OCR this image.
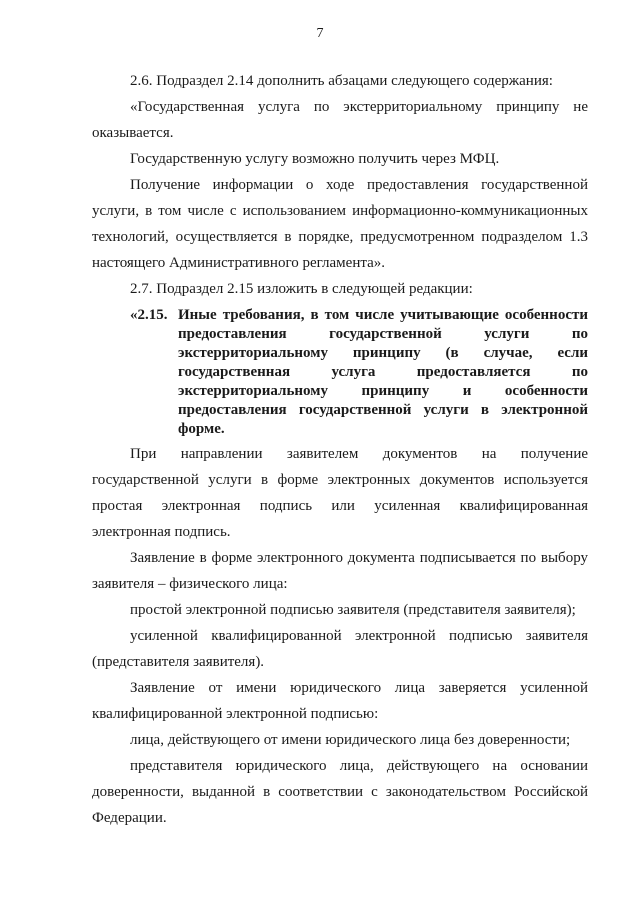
7
2.6. Подраздел 2.14 дополнить абзацами следующего содержания:
«Государственная услуга по экстерриториальному принципу не
оказывается.
Государственную услугу возможно получить через МФЦ.
Получение информации о ходе предоставления государственной
услуги, в том числе с использованием информационно-коммуникационных
технологий, осуществляется в порядке, предусмотренном подразделом 1.3
настоящего Административного регламента».
2.7. Подраздел 2.15 изложить в следующей редакции:
«2.15. Иные требования, в том числе учитывающие особенности
предоставления государственной услуги по
экстерриториальному принципу (в случае, если
государственная услуга предоставляется по
экстерриториальному принципу и особенности
предоставления государственной услуги в электронной
форме.
При направлении заявителем документов на получение
государственной услуги в форме электронных документов используется
простая электронная подпись или усиленная квалифицированная
электронная подпись.
Заявление в форме электронного документа подписывается по выбору
заявителя – физического лица:
простой электронной подписью заявителя (представителя заявителя);
усиленной квалифицированной электронной подписью заявителя
(представителя заявителя).
Заявление от имени юридического лица заверяется усиленной
квалифицированной электронной подписью:
лица, действующего от имени юридического лица без доверенности;
представителя юридического лица, действующего на основании
доверенности, выданной в соответствии с законодательством Российской
Федерации.
